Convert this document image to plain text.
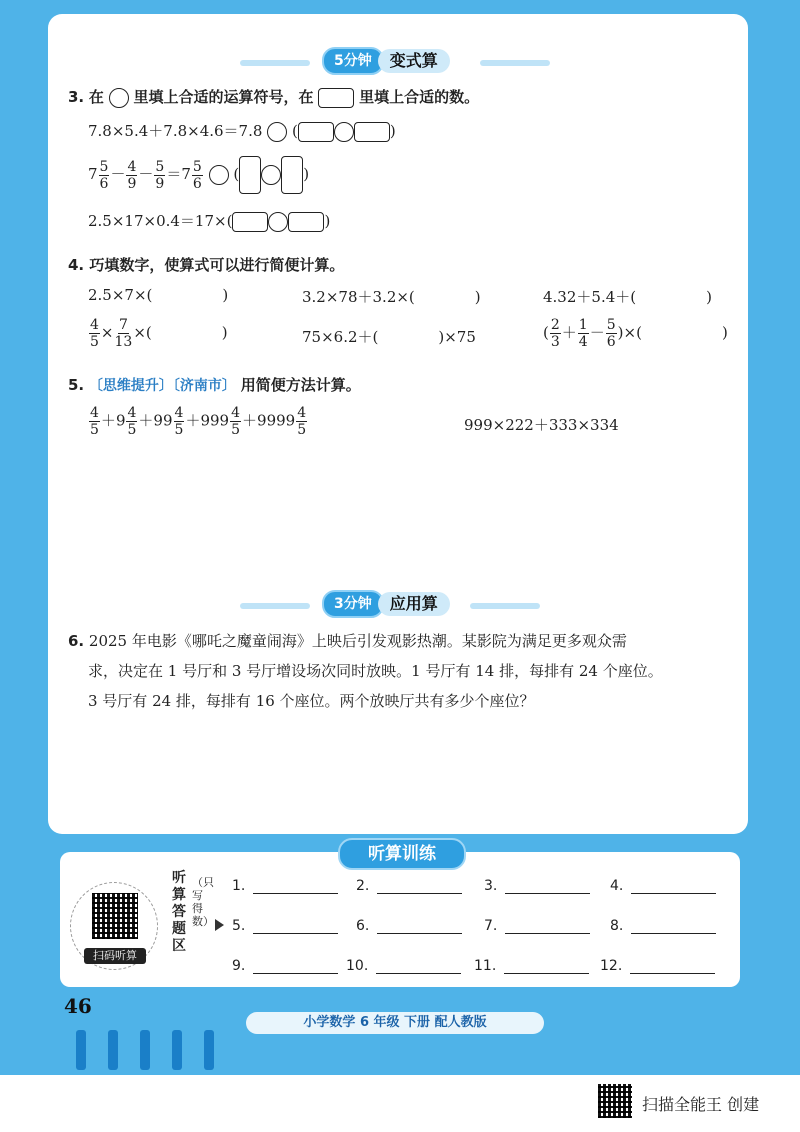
5分钟	变式算
3. 在 里填上合适的运算符号，在	里填上合适的数。
7.8×5.4＋7.8×4.6＝7.8  (	)
$7 \frac{5}{6} - \frac{4}{9} - \frac{5}{9} =7 \frac{5}{6}$ (	)
2.5×17×0.4＝17×(	)
4. 巧填数字，使算式可以进行简便计算。
2.5×7×(	)	3.2×78＋3.2×(	)	4.32＋5.4＋(	)
$\frac{4}{5} \times \frac{7}{13}$ ×(	)	75×6.2＋(	)×75	( $\frac{2}{3} + \frac{1}{4} - \frac{5}{6}$ )×(	)
5. 〔思维提升〕〔济南市〕 用简便方法计算。
$\frac{4}{5} +9 \frac{4}{5} +99 \frac{4}{5} +999 \frac{4}{5} +9999 \frac{4}{5}$	999×222＋333×334
3分钟	应用算
6. 2025 年电影《哪吒之魔童闹海》上映后引发观影热潮。某影院为满足更多观众需
求，决定在 1 号厅和 3 号厅增设场次同时放映。1 号厅有 14 排，每排有 24 个座位。
3 号厅有 24 排，每排有 16 个座位。两个放映厅共有多少个座位？
听算训练
扫码听算
听算答题区
（只写得数）
1.	2.	3.	4.
5.	6.	7.	8.
9.	10.	11.	12.
46
小学数学 6 年级 下册 配人教版
扫描全能王 创建
